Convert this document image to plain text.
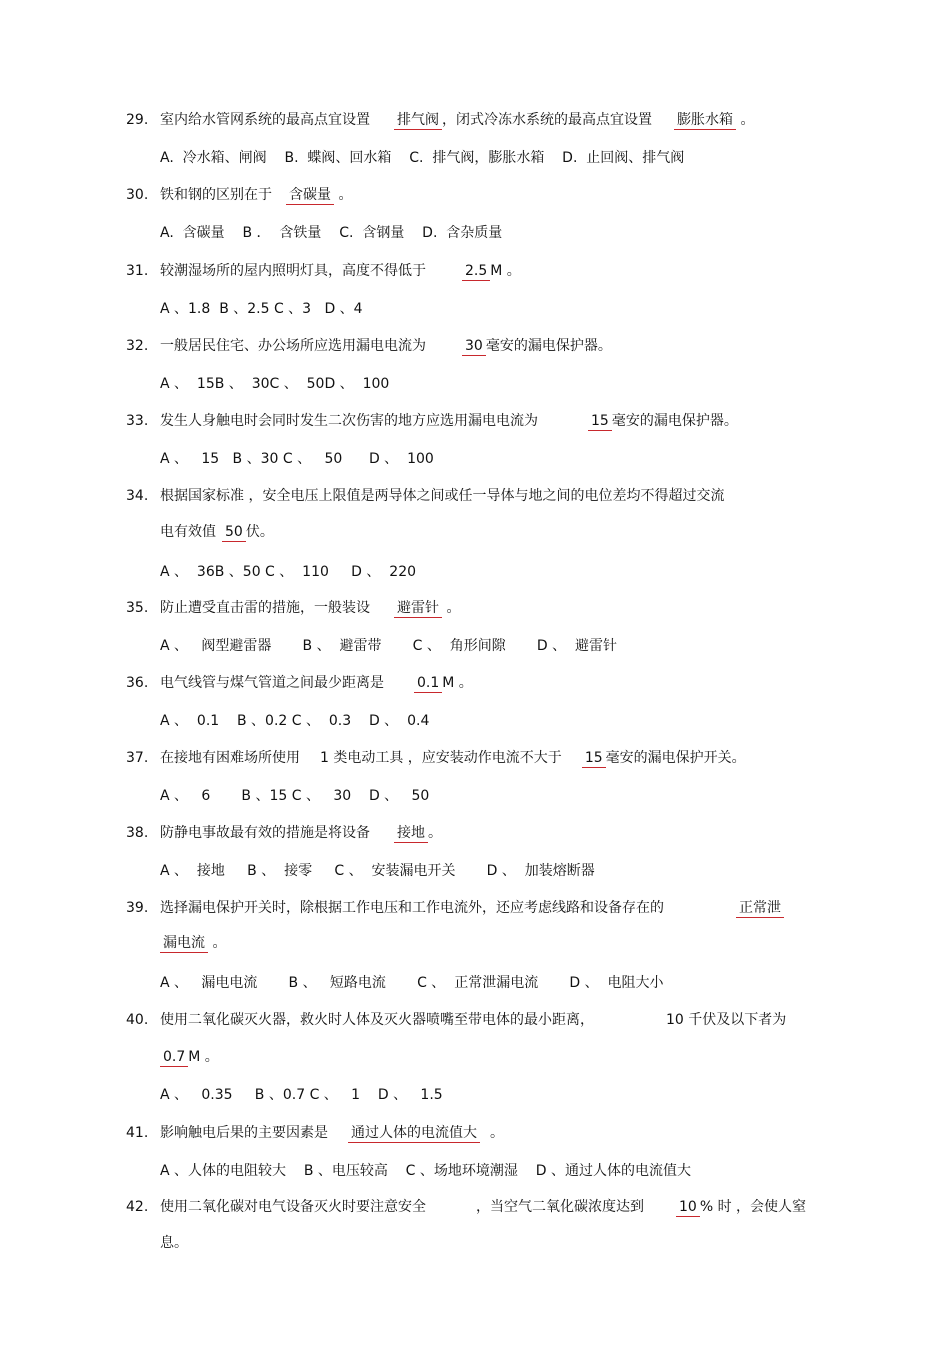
29. 室内给水管网系统的最高点宜设置 排气阀 ，闭式冷冻水系统的最高点宜设置 膨胀水箱 。
A.  冷水箱、闸阀    B.  蝶阀、回水箱    C.  排气阀，膨胀水箱    D.  止回阀、排气阀
30. 铁和钢的区别在于 含碳量 。
A.  含碳量    B ．  含铁量    C.  含钢量    D.  含杂质量
31. 较潮湿场所的屋内照明灯具，高度不得低于	2.5 M 。
A 、1.8  B 、2.5 C 、3   D 、4
32. 一般居民住宅、办公场所应选用漏电电流为	30 毫安的漏电保护器。
A 、  15B 、  30C 、  50D 、  100
33. 发生人身触电时会同时发生二次伤害的地方应选用漏电电流为	15 毫安的漏电保护器。
A 、   15   B 、30 C 、   50      D 、  100
34. 根据国家标准 ，安全电压上限值是两导体之间或任一导体与地之间的电位差均不得超过交流
电有效值 50 伏。
A 、  36B 、50 C 、  110     D 、  220
35. 防止遭受直击雷的措施，一般装设 避雷针 。
A 、   阀型避雷器       B 、  避雷带       C 、  角形间隙       D 、  避雷针
36. 电气线管与煤气管道之间最少距离是 0.1 M 。
A 、  0.1    B 、0.2 C 、  0.3    D 、  0.4
37. 在接地有困难场所使用 1 类电动工具 ，应安装动作电流不大于 15 毫安的漏电保护开关。
A 、   6       B 、15 C 、   30    D 、   50
38. 防静电事故最有效的措施是将设备 接地 。
A 、  接地     B 、  接零     C 、  安装漏电开关       D 、  加装熔断器
39. 选择漏电保护开关时，除根据工作电压和工作电流外，还应考虑线路和设备存在的	正常泄
漏电流 。
A 、   漏电电流       B 、   短路电流       C 、  正常泄漏电流       D 、  电阻大小
40. 使用二氧化碳灭火器，救火时人体及灭火器喷嘴至带电体的最小距离，	10 千伏及以下者为
0.7 M 。
A 、   0.35     B 、0.7 C 、   1    D 、   1.5
41. 影响触电后果的主要因素是 通过人体的电流值大 。
A 、人体的电阻较大    B 、电压较高    C 、场地环境潮湿    D 、通过人体的电流值大
42. 使用二氧化碳对电气设备灭火时要注意安全	，当空气二氧化碳浓度达到	10 % 时 ，会使人窒
息。
